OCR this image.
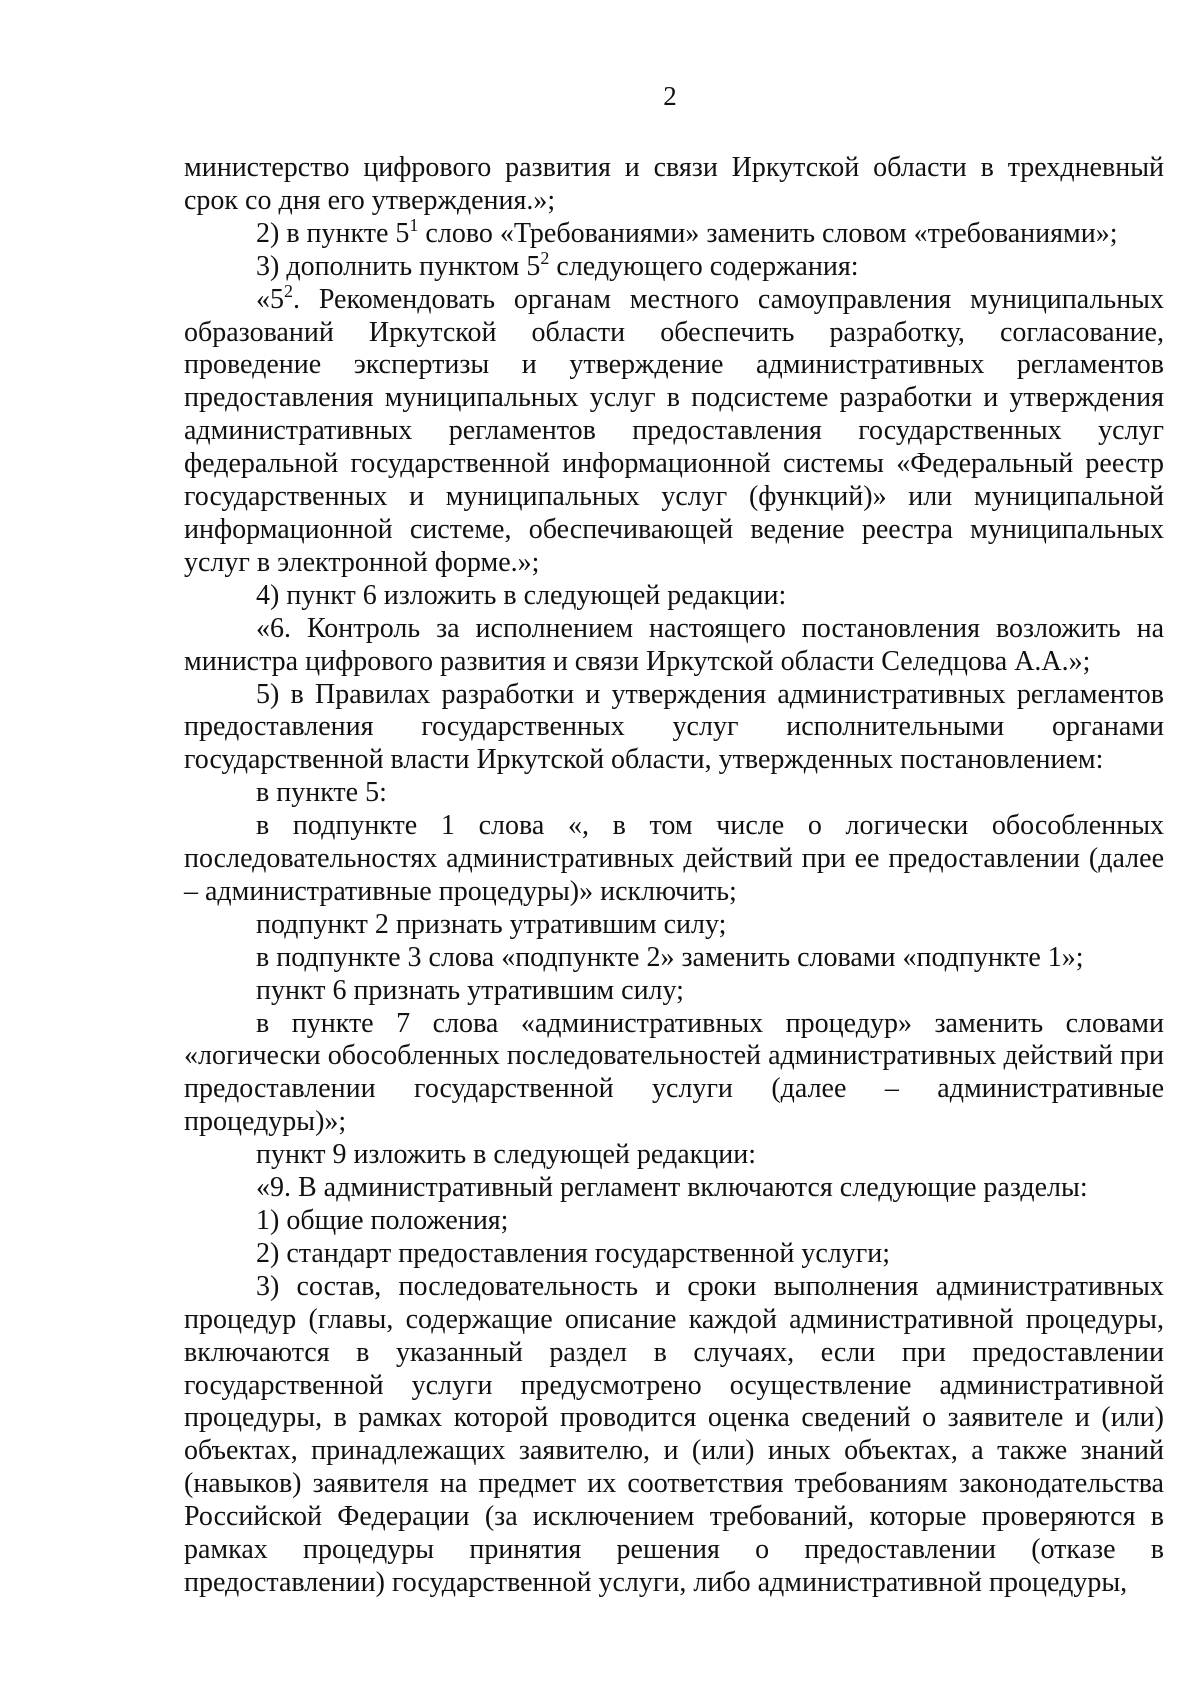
2

министерство цифрового развития и связи Иркутской области в трехдневный срок со дня его утверждения.»;

2) в пункте $5^1$ слово «Требованиями» заменить словом «требованиями»;

3) дополнить пунктом $5^2$ следующего содержания:

«$5^2$. Рекомендовать органам местного самоуправления муниципальных образований Иркутской области обеспечить разработку, согласование, проведение экспертизы и утверждение административных регламентов предоставления муниципальных услуг в подсистеме разработки и утверждения административных регламентов предоставления государственных услуг федеральной государственной информационной системы «Федеральный реестр государственных и муниципальных услуг (функций)» или муниципальной информационной системе, обеспечивающей ведение реестра муниципальных услуг в электронной форме.»;

4) пункт 6 изложить в следующей редакции:

«6. Контроль за исполнением настоящего постановления возложить на министра цифрового развития и связи Иркутской области Селедцова А.А.»;

5) в Правилах разработки и утверждения административных регламентов предоставления государственных услуг исполнительными органами государственной власти Иркутской области, утвержденных постановлением:

в пункте 5:

в подпункте 1 слова «, в том числе о логически обособленных последовательностях административных действий при ее предоставлении (далее – административные процедуры)» исключить;

подпункт 2 признать утратившим силу;

в подпункте 3 слова «подпункте 2» заменить словами «подпункте 1»;

пункт 6 признать утратившим силу;

в пункте 7 слова «административных процедур» заменить словами «логически обособленных последовательностей административных действий при предоставлении государственной услуги (далее – административные процедуры)»;

пункт 9 изложить в следующей редакции:

«9. В административный регламент включаются следующие разделы:

1) общие положения;

2) стандарт предоставления государственной услуги;

3) состав, последовательность и сроки выполнения административных процедур (главы, содержащие описание каждой административной процедуры, включаются в указанный раздел в случаях, если при предоставлении государственной услуги предусмотрено осуществление административной процедуры, в рамках которой проводится оценка сведений о заявителе и (или) объектах, принадлежащих заявителю, и (или) иных объектах, а также знаний (навыков) заявителя на предмет их соответствия требованиям законодательства Российской Федерации (за исключением требований, которые проверяются в рамках процедуры принятия решения о предоставлении (отказе в предоставлении) государственной услуги, либо административной процедуры,
